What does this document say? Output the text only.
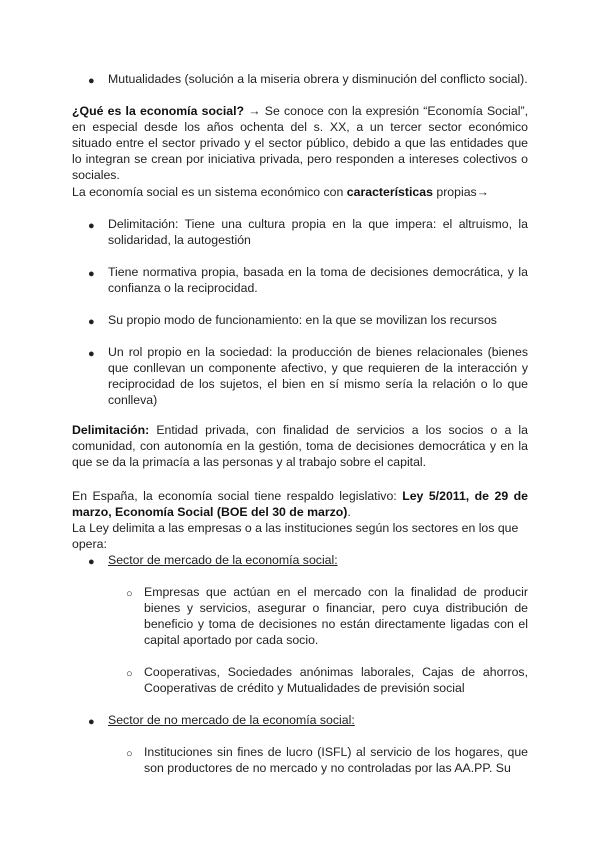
● Mutualidades (solución a la miseria obrera y disminución del conflicto social).

¿Qué es la economía social? → Se conoce con la expresión “Economía Social”, en especial desde los años ochenta del s. XX, a un tercer sector económico situado entre el sector privado y el sector público, debido a que las entidades que lo integran se crean por iniciativa privada, pero responden a intereses colectivos o sociales.

La economía social es un sistema económico con características propias→

● Delimitación: Tiene una cultura propia en la que impera: el altruismo, la solidaridad, la autogestión

● Tiene normativa propia, basada en la toma de decisiones democrática, y la confianza o la reciprocidad.

● Su propio modo de funcionamiento: en la que se movilizan los recursos

● Un rol propio en la sociedad: la producción de bienes relacionales (bienes que conllevan un componente afectivo, y que requieren de la interacción y reciprocidad de los sujetos, el bien en sí mismo sería la relación o lo que conlleva)

Delimitación: Entidad privada, con finalidad de servicios a los socios o a la comunidad, con autonomía en la gestión, toma de decisiones democrática y en la que se da la primacía a las personas y al trabajo sobre el capital.

En España, la economía social tiene respaldo legislativo: Ley 5/2011, de 29 de marzo, Economía Social (BOE del 30 de marzo).

La Ley delimita a las empresas o a las instituciones según los sectores en los que opera:

● Sector de mercado de la economía social:

○ Empresas que actúan en el mercado con la finalidad de producir bienes y servicios, asegurar o financiar, pero cuya distribución de beneficio y toma de decisiones no están directamente ligadas con el capital aportado por cada socio.

○ Cooperativas, Sociedades anónimas laborales, Cajas de ahorros, Cooperativas de crédito y Mutualidades de previsión social

● Sector de no mercado de la economía social:

○ Instituciones sin fines de lucro (ISFL) al servicio de los hogares, que son productores de no mercado y no controladas por las AA.PP. Su
